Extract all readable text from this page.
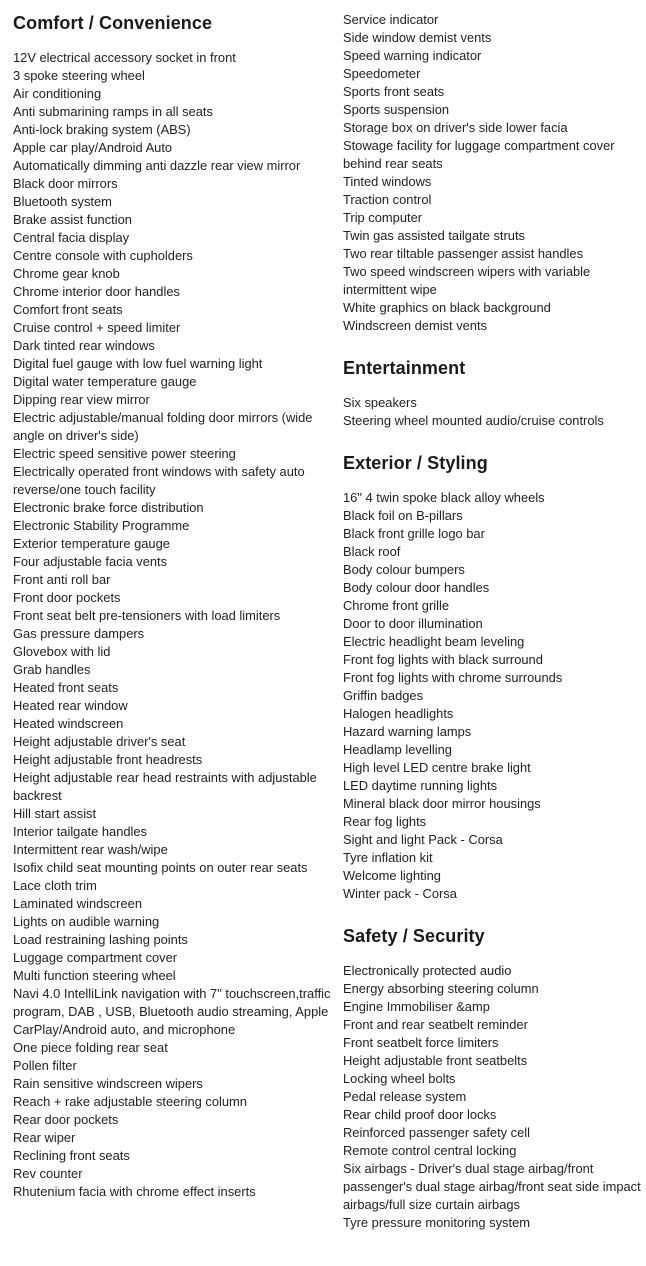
Comfort / Convenience
12V electrical accessory socket in front
3 spoke steering wheel
Air conditioning
Anti submarining ramps in all seats
Anti-lock braking system (ABS)
Apple car play/Android Auto
Automatically dimming anti dazzle rear view mirror
Black door mirrors
Bluetooth system
Brake assist function
Central facia display
Centre console with cupholders
Chrome gear knob
Chrome interior door handles
Comfort front seats
Cruise control + speed limiter
Dark tinted rear windows
Digital fuel gauge with low fuel warning light
Digital water temperature gauge
Dipping rear view mirror
Electric adjustable/manual folding door mirrors (wide angle on driver's side)
Electric speed sensitive power steering
Electrically operated front windows with safety auto reverse/one touch facility
Electronic brake force distribution
Electronic Stability Programme
Exterior temperature gauge
Four adjustable facia vents
Front anti roll bar
Front door pockets
Front seat belt pre-tensioners with load limiters
Gas pressure dampers
Glovebox with lid
Grab handles
Heated front seats
Heated rear window
Heated windscreen
Height adjustable driver's seat
Height adjustable front headrests
Height adjustable rear head restraints with adjustable backrest
Hill start assist
Interior tailgate handles
Intermittent rear wash/wipe
Isofix child seat mounting points on outer rear seats
Lace cloth trim
Laminated windscreen
Lights on audible warning
Load restraining lashing points
Luggage compartment cover
Multi function steering wheel
Navi 4.0 IntelliLink navigation with 7" touchscreen,traffic program, DAB , USB, Bluetooth audio streaming, Apple CarPlay/Android auto, and microphone
One piece folding rear seat
Pollen filter
Rain sensitive windscreen wipers
Reach + rake adjustable steering column
Rear door pockets
Rear wiper
Reclining front seats
Rev counter
Rhutenium facia with chrome effect inserts
Service indicator
Side window demist vents
Speed warning indicator
Speedometer
Sports front seats
Sports suspension
Storage box on driver's side lower facia
Stowage facility for luggage compartment cover behind rear seats
Tinted windows
Traction control
Trip computer
Twin gas assisted tailgate struts
Two rear tiltable passenger assist handles
Two speed windscreen wipers with variable intermittent wipe
White graphics on black background
Windscreen demist vents
Entertainment
Six speakers
Steering wheel mounted audio/cruise controls
Exterior / Styling
16" 4 twin spoke black alloy wheels
Black foil on B-pillars
Black front grille logo bar
Black roof
Body colour bumpers
Body colour door handles
Chrome front grille
Door to door illumination
Electric headlight beam leveling
Front fog lights with black surround
Front fog lights with chrome surrounds
Griffin badges
Halogen headlights
Hazard warning lamps
Headlamp levelling
High level LED centre brake light
LED daytime running lights
Mineral black door mirror housings
Rear fog lights
Sight and light Pack - Corsa
Tyre inflation kit
Welcome lighting
Winter pack - Corsa
Safety / Security
Electronically protected audio
Energy absorbing steering column
Engine Immobiliser &amp
Front and rear seatbelt reminder
Front seatbelt force limiters
Height adjustable front seatbelts
Locking wheel bolts
Pedal release system
Rear child proof door locks
Reinforced passenger safety cell
Remote control central locking
Six airbags - Driver's dual stage airbag/front passenger's dual stage airbag/front seat side impact airbags/full size curtain airbags
Tyre pressure monitoring system
